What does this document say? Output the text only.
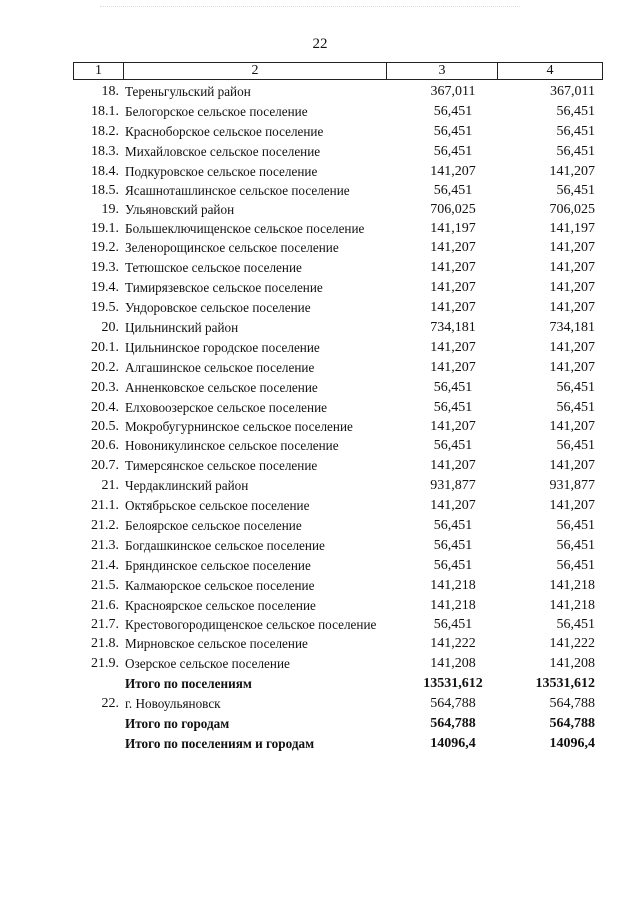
22
1	2	3	4
18. Тереньгульский район	367,011	367,011
18.1. Белогорское сельское поселение	56,451	56,451
18.2. Красноборское сельское поселение	56,451	56,451
18.3. Михайловское сельское поселение	56,451	56,451
18.4. Подкуровское сельское поселение	141,207	141,207
18.5. Ясашноташлинское сельское поселение	56,451	56,451
19. Ульяновский район	706,025	706,025
19.1. Большеключищенское сельское поселение	141,197	141,197
19.2. Зеленорощинское сельское поселение	141,207	141,207
19.3. Тетюшское сельское поселение	141,207	141,207
19.4. Тимирязевское сельское поселение	141,207	141,207
19.5. Ундоровское сельское поселение	141,207	141,207
20. Цильнинский район	734,181	734,181
20.1. Цильнинское городское поселение	141,207	141,207
20.2. Алгашинское сельское поселение	141,207	141,207
20.3. Анненковское сельское поселение	56,451	56,451
20.4. Елховоозерское сельское поселение	56,451	56,451
20.5. Мокробугурнинское сельское поселение	141,207	141,207
20.6. Новоникулинское сельское поселение	56,451	56,451
20.7. Тимерсянское сельское поселение	141,207	141,207
21. Чердаклинский район	931,877	931,877
21.1. Октябрьское сельское поселение	141,207	141,207
21.2. Белоярское сельское поселение	56,451	56,451
21.3. Богдашкинское сельское поселение	56,451	56,451
21.4. Бряндинское сельское поселение	56,451	56,451
21.5. Калмаюрское сельское поселение	141,218	141,218
21.6. Красноярское сельское поселение	141,218	141,218
21.7. Крестовогородищенское сельское поселение	56,451	56,451
21.8. Мирновское сельское поселение	141,222	141,222
21.9. Озерское сельское поселение	141,208	141,208
Итого по поселениям	13531,612	13531,612
22. г. Новоульяновск	564,788	564,788
Итого по городам	564,788	564,788
Итого по поселениям и городам	14096,4	14096,4
